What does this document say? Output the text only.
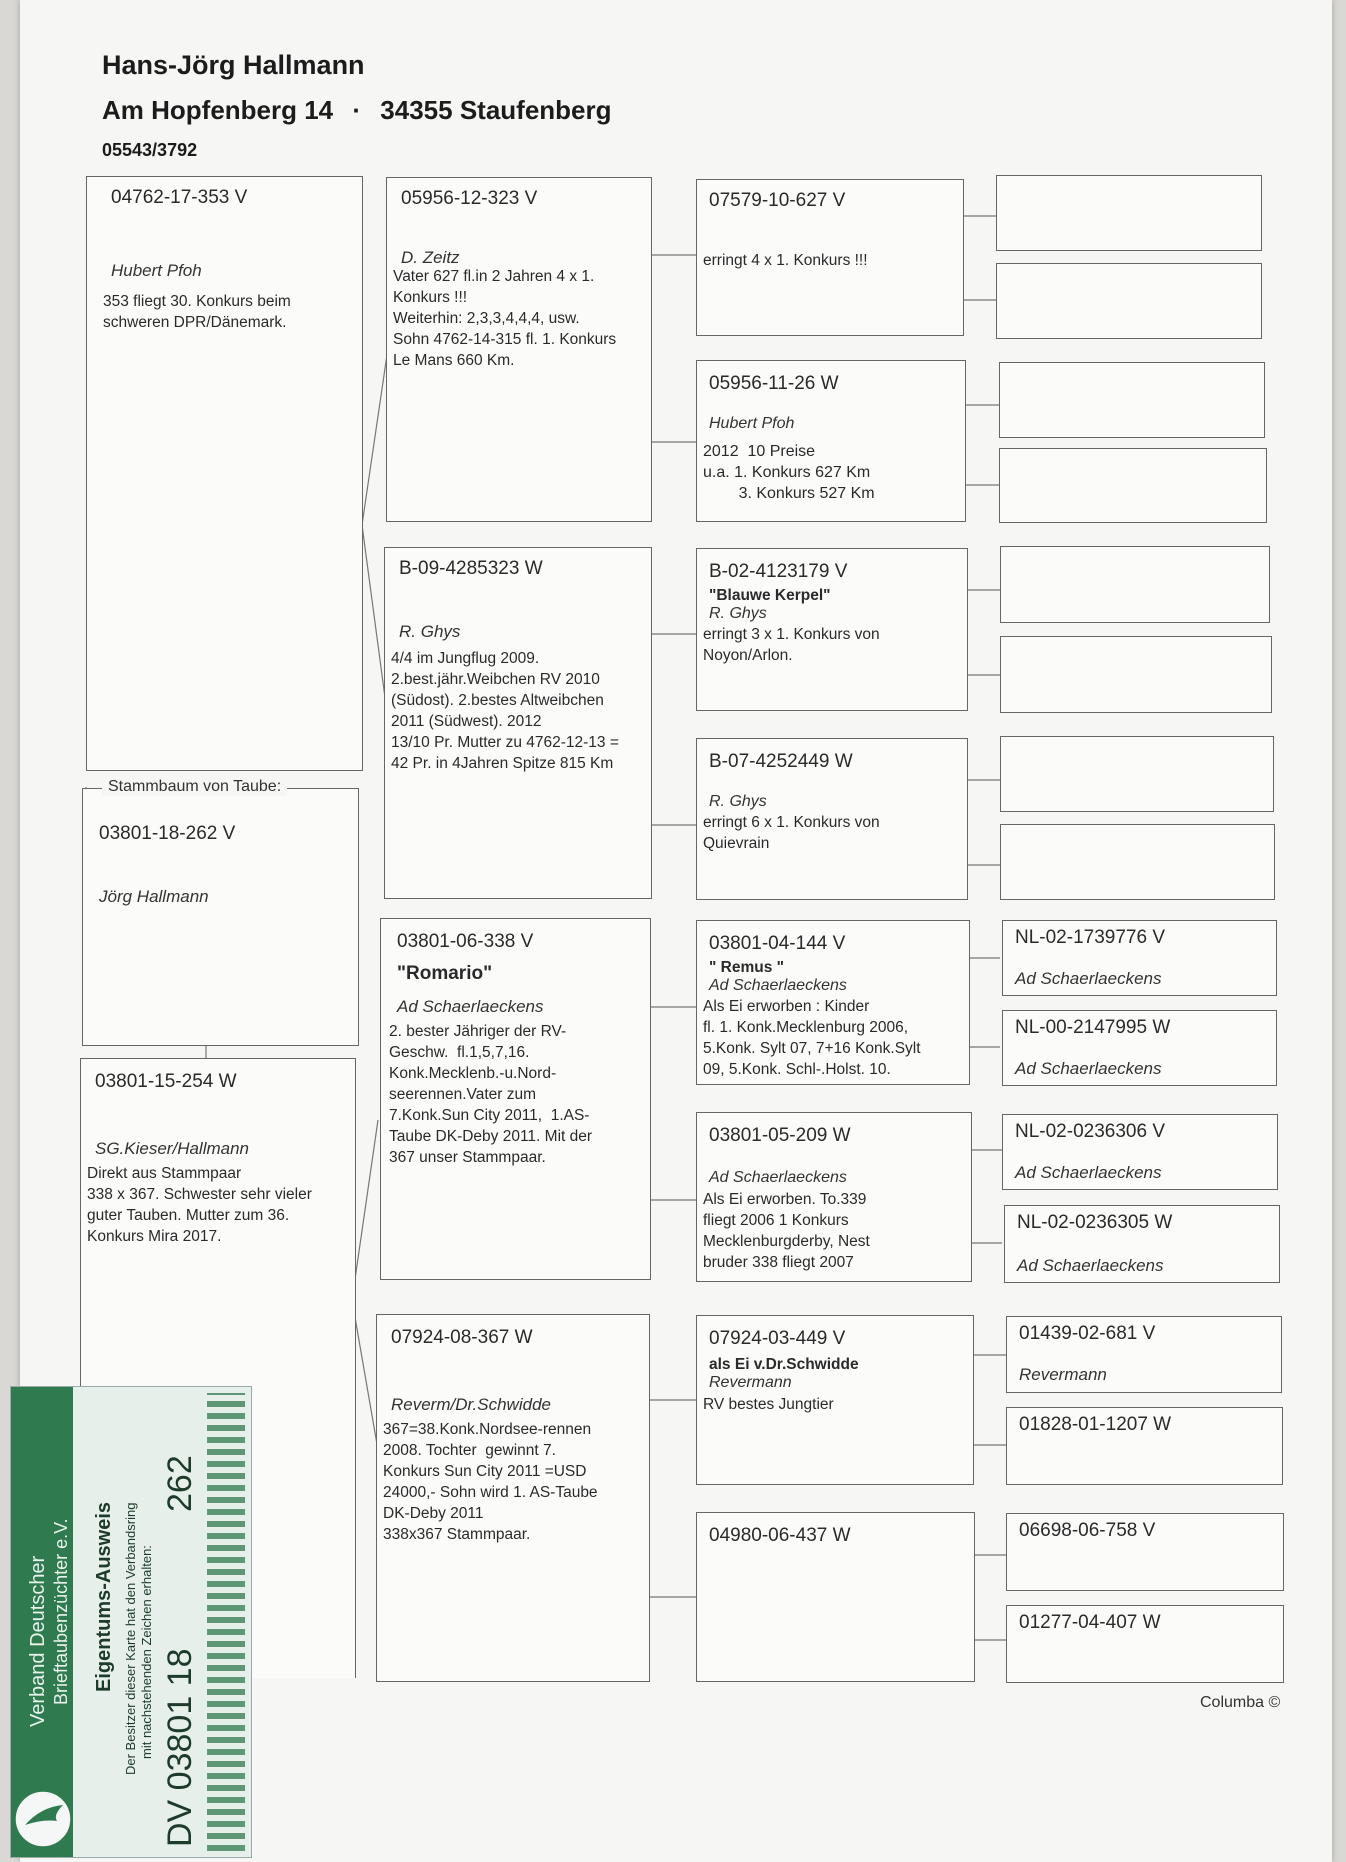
Hans-Jörg Hallmann
Am Hopfenberg 14 · 34355 Staufenberg
05543/3792
04762-17-353 V
Hubert Pfoh
353 fliegt 30. Konkurs beim
schweren DPR/Dänemark.
03801-18-262 V
Jörg Hallmann
Stammbaum von Taube:
03801-15-254 W
SG.Kieser/Hallmann
Direkt aus Stammpaar
338 x 367. Schwester sehr vieler
guter Tauben. Mutter zum 36.
Konkurs Mira 2017.
05956-12-323 V
D. Zeitz
Vater 627 fl.in 2 Jahren 4 x 1.
Konkurs !!!
Weiterhin: 2,3,3,4,4,4, usw.
Sohn 4762-14-315 fl. 1. Konkurs
Le Mans 660 Km.
B-09-4285323 W
R. Ghys
4/4 im Jungflug 2009.
2.best.jähr.Weibchen RV 2010
(Südost). 2.bestes Altweibchen
2011 (Südwest). 2012
13/10 Pr. Mutter zu 4762-12-13 =
42 Pr. in 4Jahren Spitze 815 Km
03801-06-338 V
"Romario"
Ad Schaerlaeckens
2. bester Jähriger der RV-
Geschw.  fl.1,5,7,16.
Konk.Mecklenb.-u.Nord-
seerennen.Vater zum
7.Konk.Sun City 2011,  1.AS-
Taube DK-Deby 2011. Mit der
367 unser Stammpaar.
07924-08-367 W
Reverm/Dr.Schwidde
367=38.Konk.Nordsee-rennen
2008. Tochter  gewinnt 7.
Konkurs Sun City 2011 =USD
24000,- Sohn wird 1. AS-Taube
DK-Deby 2011
338x367 Stammpaar.
07579-10-627 V
erringt 4 x 1. Konkurs !!!
05956-11-26 W
Hubert Pfoh
2012  10 Preise
u.a. 1. Konkurs 627 Km
3. Konkurs 527 Km
B-02-4123179 V
"Blauwe Kerpel"
R. Ghys
erringt 3 x 1. Konkurs von
Noyon/Arlon.
B-07-4252449 W
R. Ghys
erringt 6 x 1. Konkurs von
Quievrain
03801-04-144 V
" Remus "
Ad Schaerlaeckens
Als Ei erworben : Kinder
fl. 1. Konk.Mecklenburg 2006,
5.Konk. Sylt 07, 7+16 Konk.Sylt
09, 5.Konk. Schl-.Holst. 10.
03801-05-209 W
Ad Schaerlaeckens
Als Ei erworben. To.339
fliegt 2006 1 Konkurs
Mecklenburgderby, Nest
bruder 338 fliegt 2007
07924-03-449 V
als Ei v.Dr.Schwidde
Revermann
RV bestes Jungtier
04980-06-437 W
NL-02-1739776 V
Ad Schaerlaeckens
NL-00-2147995 W
Ad Schaerlaeckens
NL-02-0236306 V
Ad Schaerlaeckens
NL-02-0236305 W
Ad Schaerlaeckens
01439-02-681 V
Revermann
01828-01-1207 W
06698-06-758 V
01277-04-407 W
Columba ©
Verband Deutscher Brieftaubenzüchter e.V. Eigentums-Ausweis Der Besitzer dieser Karte hat den Verbandsring mit nachstehenden Zeichen erhalten: DV 03801 18
262
